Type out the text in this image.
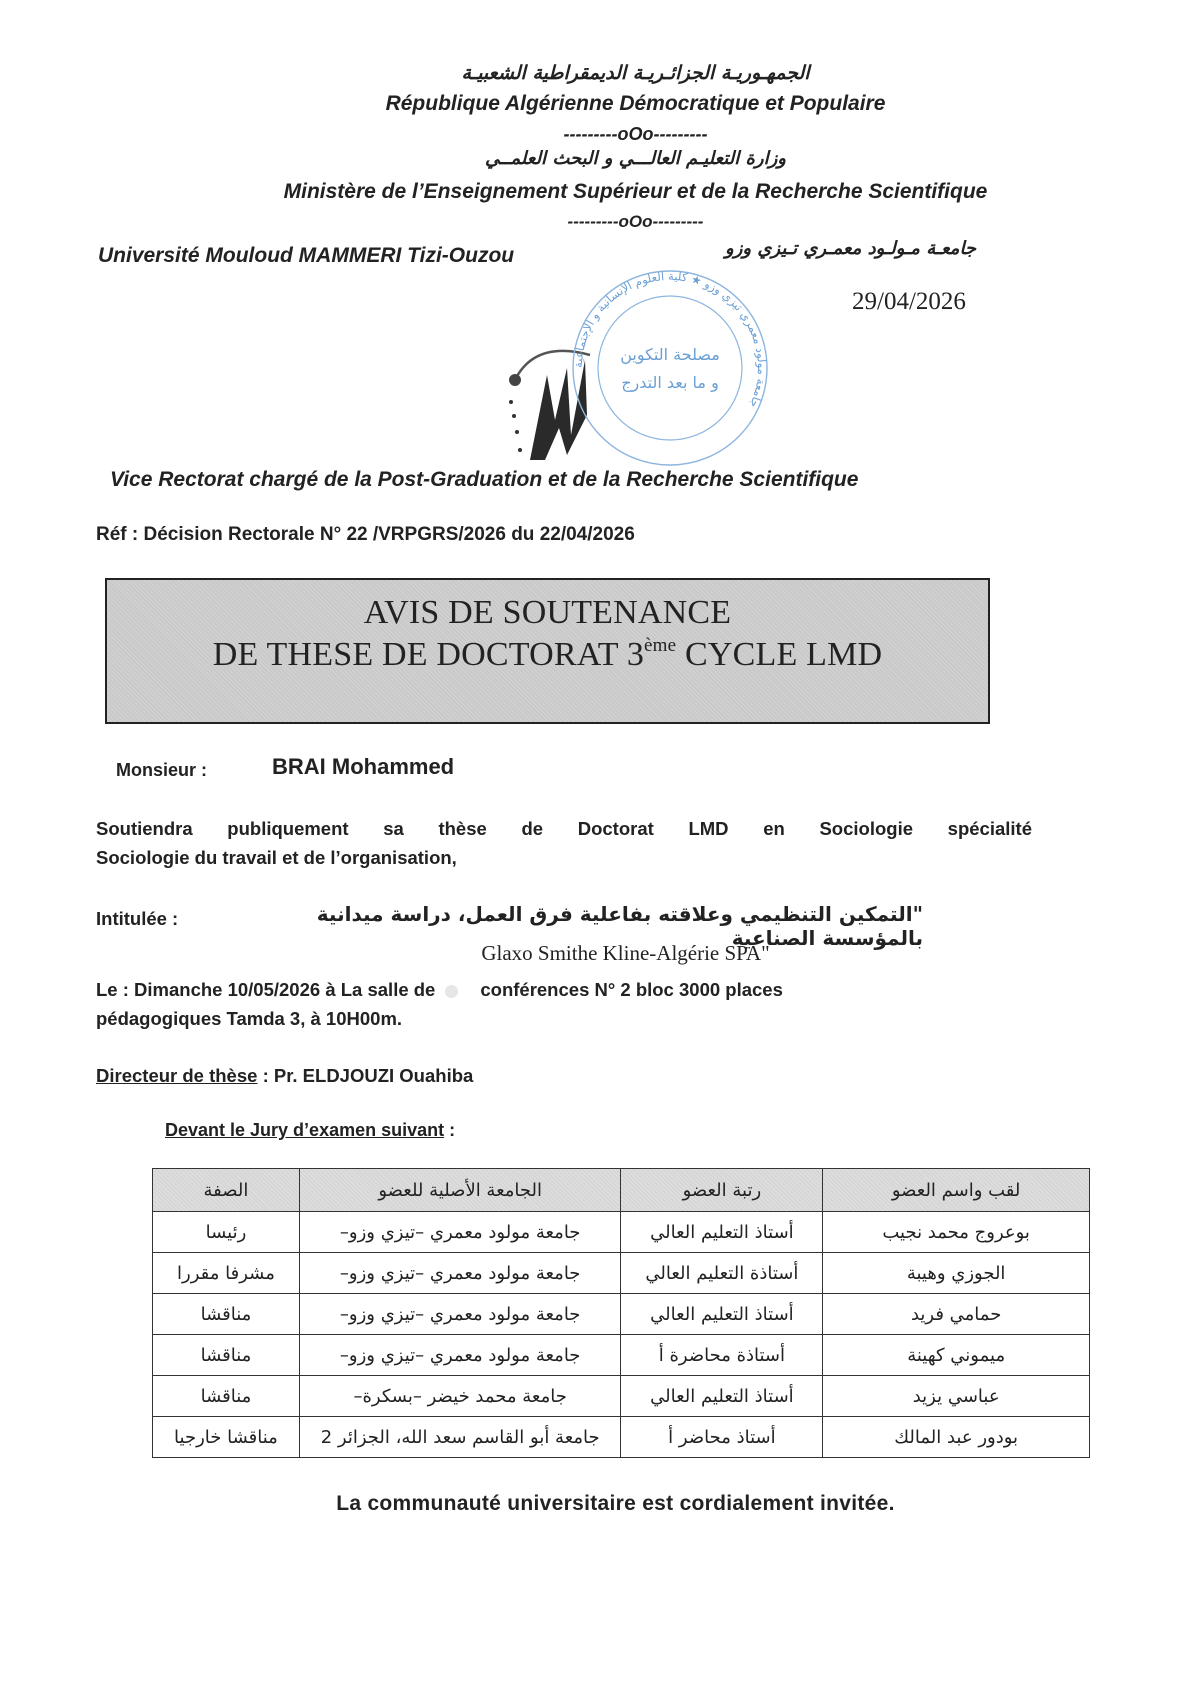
الجمهـوريـة الجزائـريـة الديمقراطية الشعبيـة
République Algérienne Démocratique et Populaire
---------oOo---------
وزارة التعليـم العالـــي و البحث العلمــي
Ministère de l’Enseignement Supérieur et de la Recherche Scientifique
---------oOo---------
Université Mouloud MAMMERI Tizi-Ouzou	جامعـة مـولـود معمـري تـيزي وزو
29/04/2026
جامعة مولود معمري تيزي وزو ★ كلية العلوم الإنسانية و الإجتماعية
مصلحة التكوين
و ما بعد التدرج
Vice Rectorat chargé de la Post-Graduation et de la Recherche Scientifique
Réf : Décision Rectorale N° 22 /VRPGRS/2026 du 22/04/2026
AVIS DE SOUTENANCE
DE THESE DE DOCTORAT 3ème CYCLE LMD
Monsieur :	BRAI Mohammed
Soutiendra publiquement sa thèse de Doctorat LMD en Sociologie spécialité
Sociologie du travail et de l’organisation,
Intitulée :	"التمكين التنظيمي وعلاقته بفاعلية فرق العمل، دراسة ميدانية بالمؤسسة الصناعية
Glaxo Smithe Kline-Algérie SPA"
Le : Dimanche 10/05/2026 à La salle de conférences N° 2 bloc 3000 places
pédagogiques Tamda 3, à 10H00m.
Directeur de thèse : Pr. ELDJOUZI Ouahiba
Devant le Jury d’examen suivant :
الصفة	الجامعة الأصلية للعضو	رتبة العضو	لقب واسم العضو
رئيسا	جامعة مولود معمري –تيزي وزو–	أستاذ التعليم العالي	بوعروج محمد نجيب
مشرفا مقررا	جامعة مولود معمري –تيزي وزو–	أستاذة التعليم العالي	الجوزي وهيبة
مناقشا	جامعة مولود معمري –تيزي وزو–	أستاذ التعليم العالي	حمامي فريد
مناقشا	جامعة مولود معمري –تيزي وزو–	أستاذة محاضرة أ	ميموني كهينة
مناقشا	جامعة محمد خيضر –بسكرة–	أستاذ التعليم العالي	عباسي يزيد
مناقشا خارجيا	جامعة أبو القاسم سعد الله، الجزائر 2	أستاذ محاضر أ	بودور عبد المالك
La communauté universitaire est cordialement invitée.
